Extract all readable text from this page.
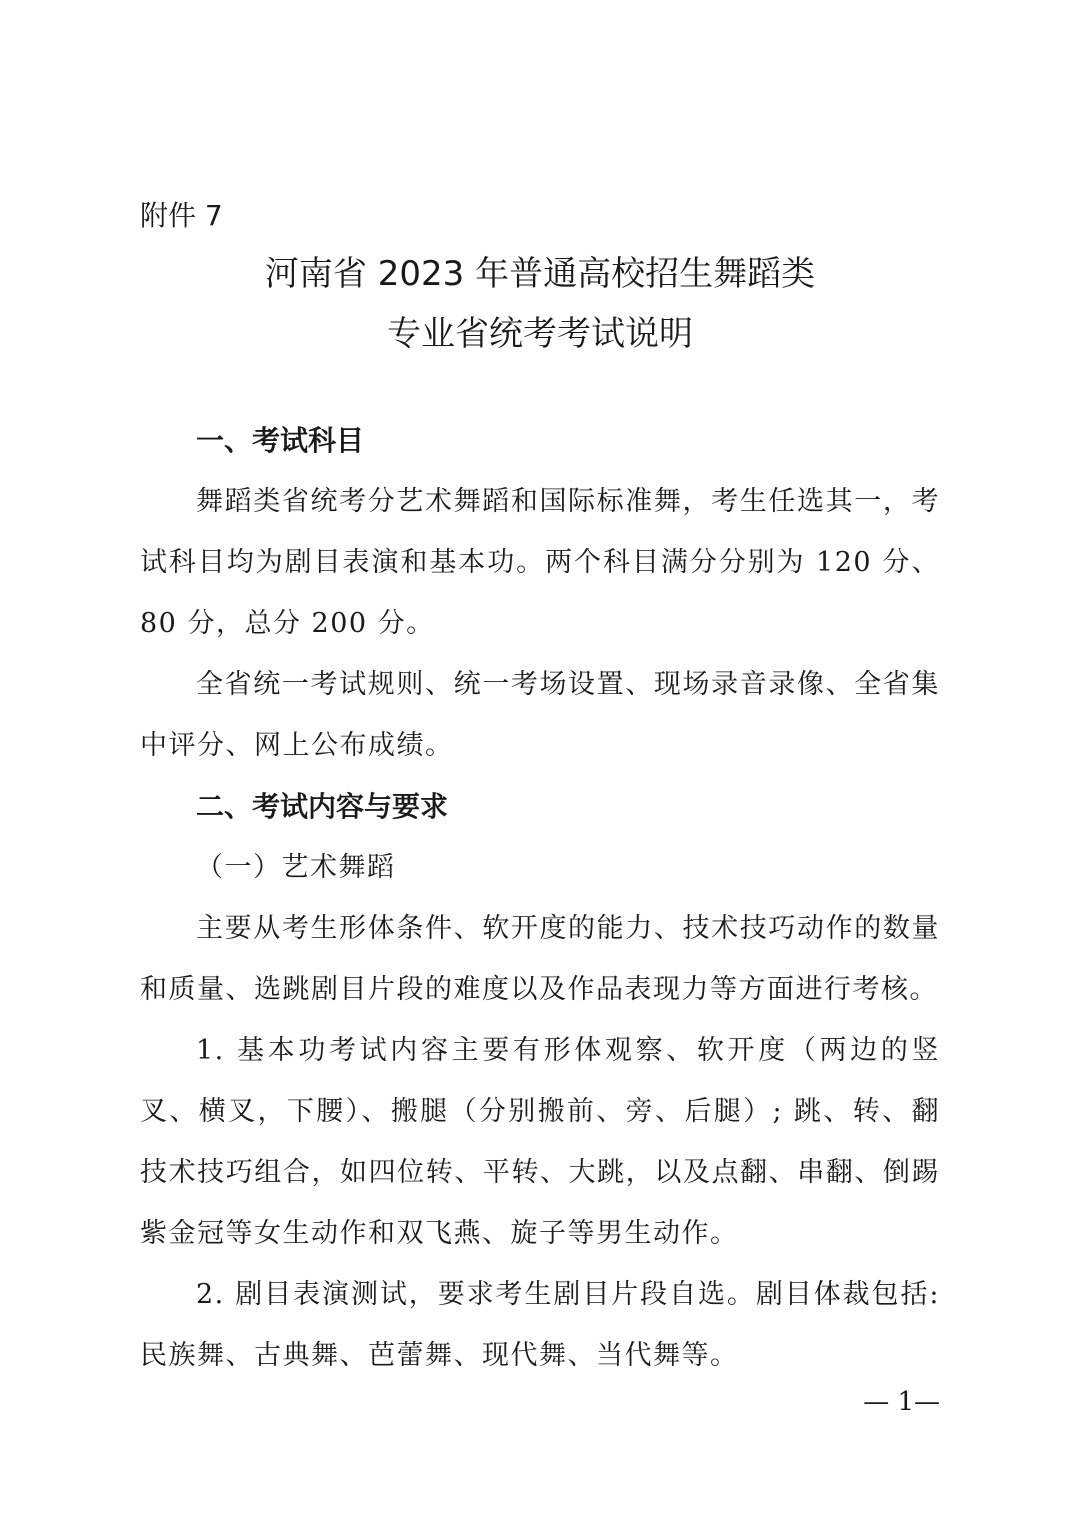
附件 7
河南省 2023 年普通高校招生舞蹈类
专业省统考考试说明

一、考试科目

舞蹈类省统考分艺术舞蹈和国际标准舞，考生任选其一，考试科目均为剧目表演和基本功。两个科目满分分别为 120 分、80 分，总分 200 分。

全省统一考试规则、统一考场设置、现场录音录像、全省集中评分、网上公布成绩。

二、考试内容与要求

（一）艺术舞蹈

主要从考生形体条件、软开度的能力、技术技巧动作的数量和质量、选跳剧目片段的难度以及作品表现力等方面进行考核。

1. 基本功考试内容主要有形体观察、软开度（两边的竖叉、横叉，下腰）、搬腿（分别搬前、旁、后腿）; 跳、转、翻技术技巧组合，如四位转、平转、大跳，以及点翻、串翻、倒踢紫金冠等女生动作和双飞燕、旋子等男生动作。

2. 剧目表演测试，要求考生剧目片段自选。剧目体裁包括: 民族舞、古典舞、芭蕾舞、现代舞、当代舞等。

— 1—
